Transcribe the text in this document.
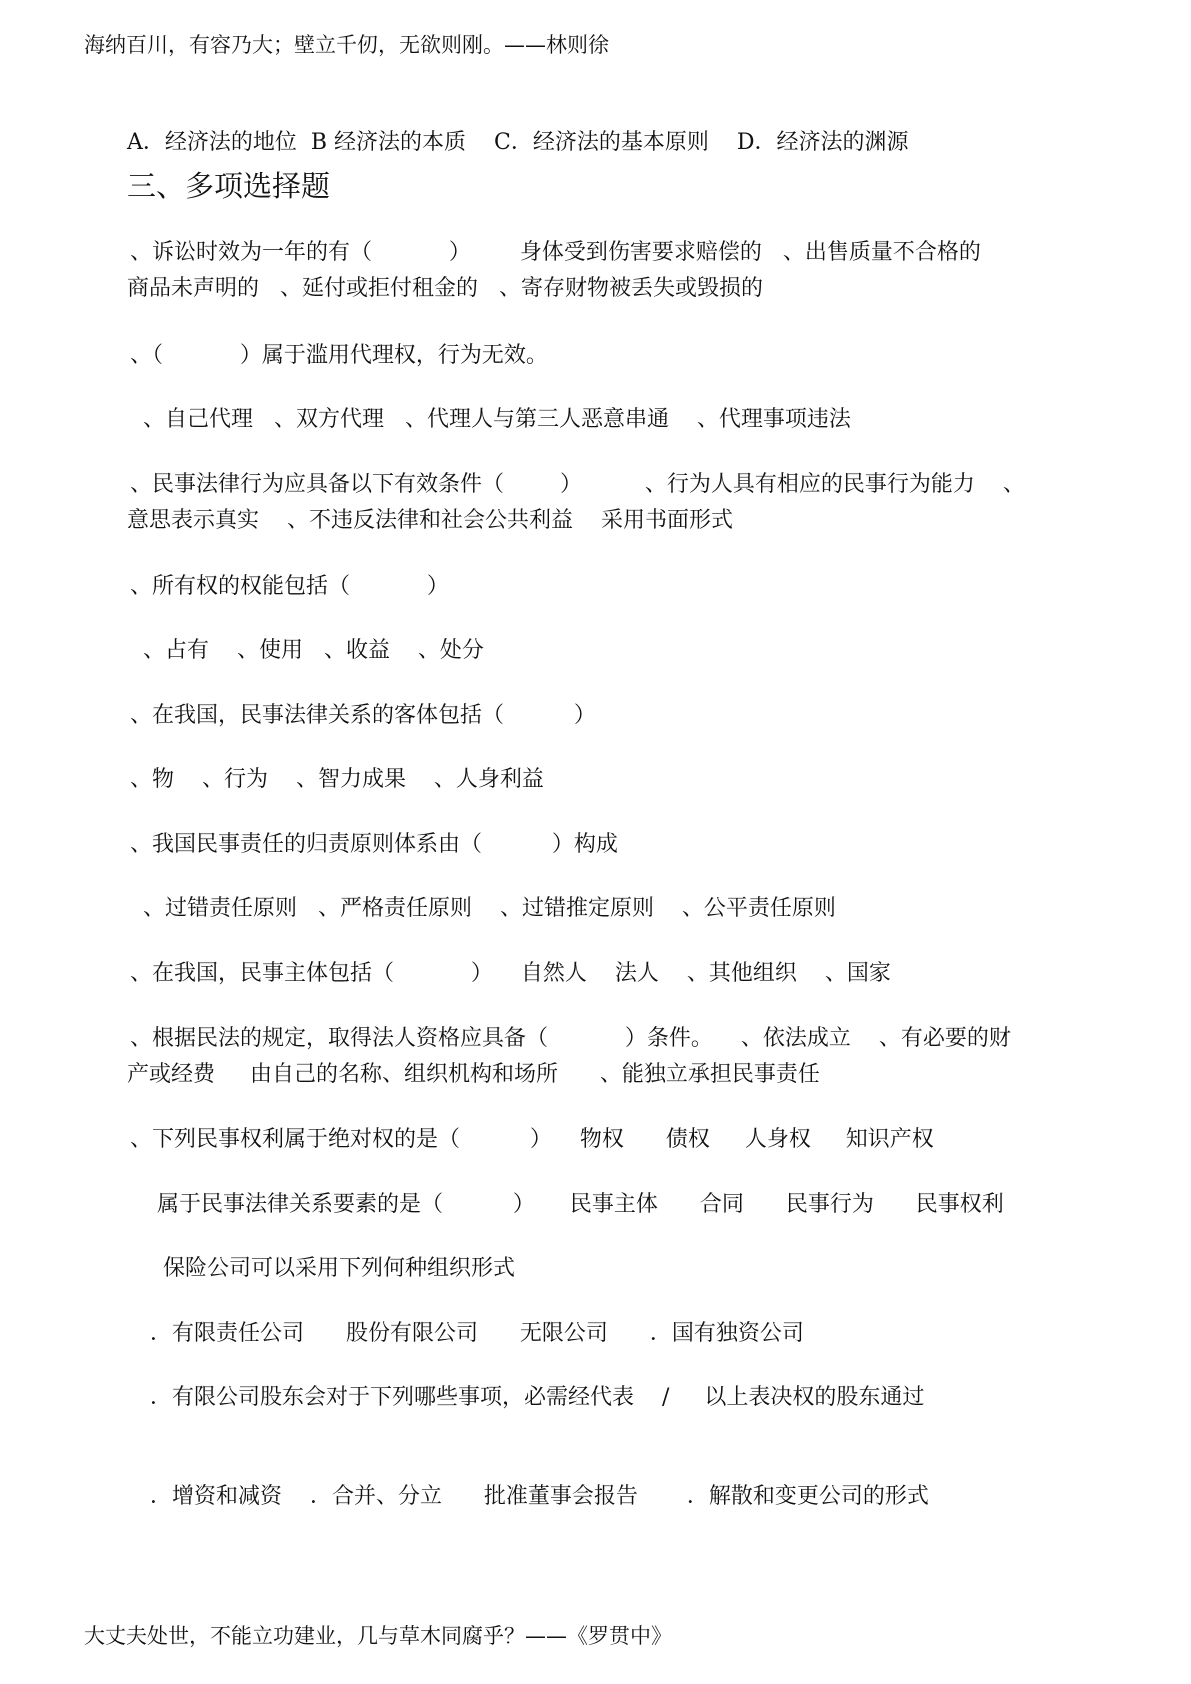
海纳百川，有容乃大；壁立千仞，无欲则刚。——林则徐
A．经济法的地位  B 经济法的本质    C．经济法的基本原则    D．经济法的渊源
三、多项选择题
、诉讼时效为一年的有（           ）       身体受到伤害要求赔偿的   、出售质量不合格的
商品未声明的   、延付或拒付租金的   、寄存财物被丢失或毁损的
、（           ）属于滥用代理权，行为无效。
、自己代理   、双方代理   、代理人与第三人恶意串通    、代理事项违法
、民事法律行为应具备以下有效条件（        ）         、行为人具有相应的民事行为能力    、
意思表示真实    、不违反法律和社会公共利益    采用书面形式
、所有权的权能包括（           ）
、占有    、使用   、收益    、处分
、在我国，民事法律关系的客体包括（          ）
、物    、行为    、智力成果    、人身利益
、我国民事责任的归责原则体系由（          ）构成
、过错责任原则   、严格责任原则    、过错推定原则    、公平责任原则
、在我国，民事主体包括（           ）    自然人    法人    、其他组织    、国家
、根据民法的规定，取得法人资格应具备（           ）条件。    、依法成立    、有必要的财
产或经费     由自己的名称、组织机构和场所      、能独立承担民事责任
、下列民事权利属于绝对权的是（          ）    物权      债权     人身权     知识产权
属于民事法律关系要素的是（          ）     民事主体      合同      民事行为      民事权利
保险公司可以采用下列何种组织形式
．有限责任公司      股份有限公司      无限公司      ．国有独资公司
．有限公司股东会对于下列哪些事项，必需经代表    /     以上表决权的股东通过
．增资和减资    ．合并、分立      批准董事会报告       ．解散和变更公司的形式
大丈夫处世，不能立功建业，几与草木同腐乎？——《罗贯中》
